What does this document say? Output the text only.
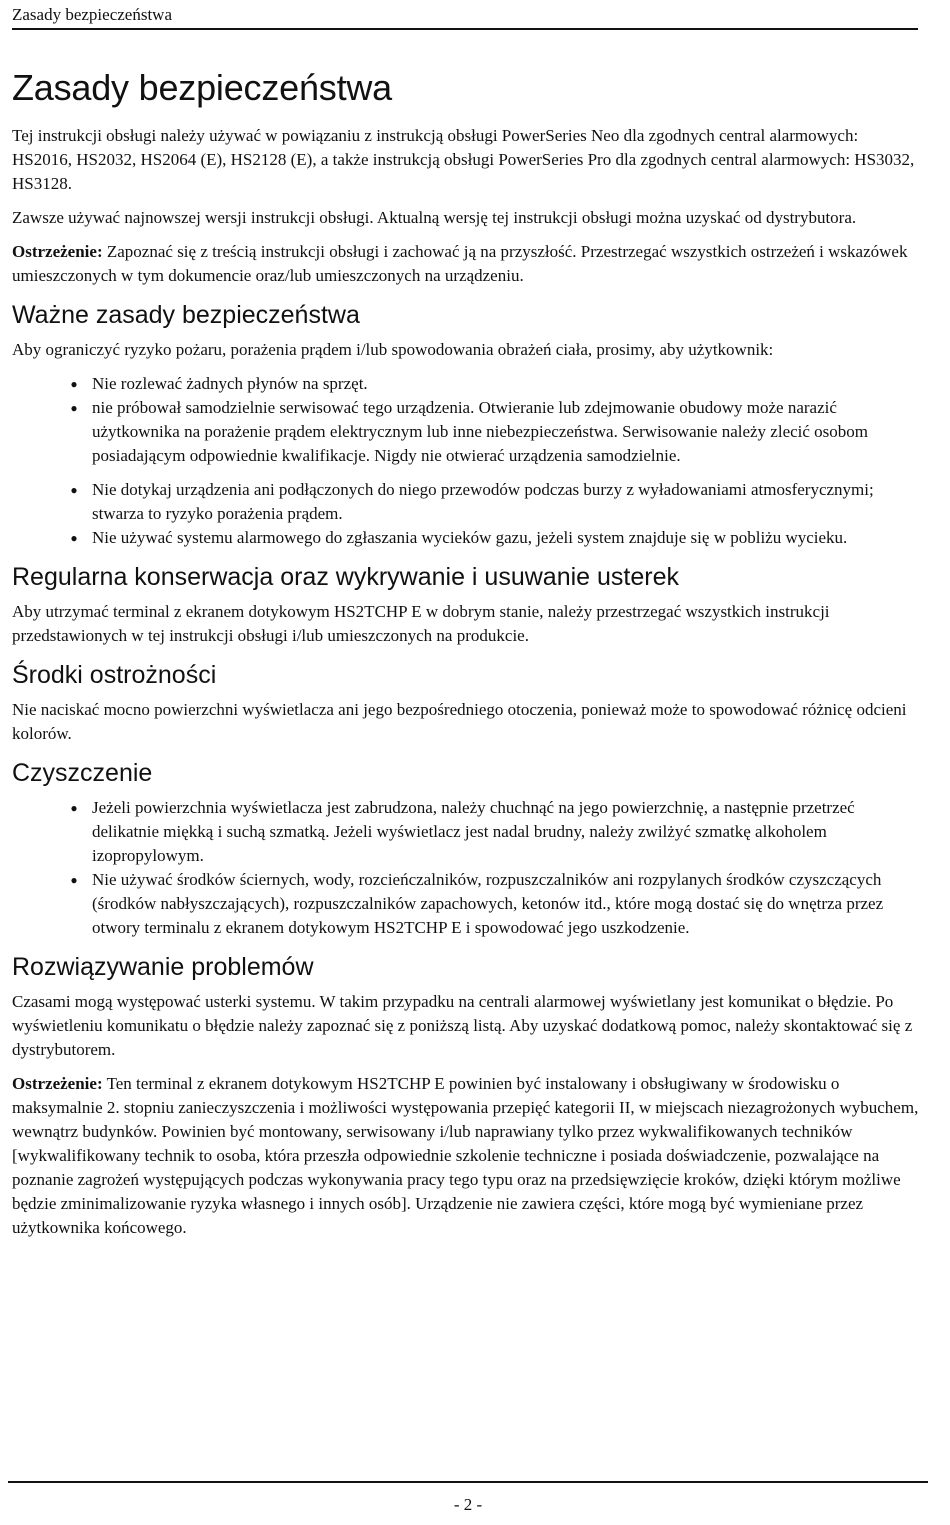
Zasady bezpieczeństwa
Zasady bezpieczeństwa

Tej instrukcji obsługi należy używać w powiązaniu z instrukcją obsługi PowerSeries Neo dla zgodnych central alarmowych: HS2016, HS2032, HS2064 (E), HS2128 (E), a także instrukcją obsługi PowerSeries Pro dla zgodnych central alarmowych: HS3032, HS3128.

Zawsze używać najnowszej wersji instrukcji obsługi. Aktualną wersję tej instrukcji obsługi można uzyskać od dystrybutora.

Ostrzeżenie: Zapoznać się z treścią instrukcji obsługi i zachować ją na przyszłość. Przestrzegać wszystkich ostrzeżeń i wskazówek umieszczonych w tym dokumencie oraz/lub umieszczonych na urządzeniu.

Ważne zasady bezpieczeństwa

Aby ograniczyć ryzyko pożaru, porażenia prądem i/lub spowodowania obrażeń ciała, prosimy, aby użytkownik:

● Nie rozlewać żadnych płynów na sprzęt.
● nie próbował samodzielnie serwisować tego urządzenia. Otwieranie lub zdejmowanie obudowy może narazić użytkownika na porażenie prądem elektrycznym lub inne niebezpieczeństwa. Serwisowanie należy zlecić osobom posiadającym odpowiednie kwalifikacje. Nigdy nie otwierać urządzenia samodzielnie.
● Nie dotykaj urządzenia ani podłączonych do niego przewodów podczas burzy z wyładowaniami atmosferycznymi; stwarza to ryzyko porażenia prądem.
● Nie używać systemu alarmowego do zgłaszania wycieków gazu, jeżeli system znajduje się w pobliżu wycieku.
Regularna konserwacja oraz wykrywanie i usuwanie usterek

Aby utrzymać terminal z ekranem dotykowym HS2TCHP E w dobrym stanie, należy przestrzegać wszystkich instrukcji przedstawionych w tej instrukcji obsługi i/lub umieszczonych na produkcie.

Środki ostrożności

Nie naciskać mocno powierzchni wyświetlacza ani jego bezpośredniego otoczenia, ponieważ może to spowodować różnicę odcieni kolorów.

Czyszczenie
● Jeżeli powierzchnia wyświetlacza jest zabrudzona, należy chuchnąć na jego powierzchnię, a następnie przetrzeć delikatnie miękką i suchą szmatką. Jeżeli wyświetlacz jest nadal brudny, należy zwilżyć szmatkę alkoholem izopropylowym.
● Nie używać środków ściernych, wody, rozcieńczalników, rozpuszczalników ani rozpylanych środków czyszczących (środków nabłyszczających), rozpuszczalników zapachowych, ketonów itd., które mogą dostać się do wnętrza przez otwory terminalu z ekranem dotykowym HS2TCHP E i spowodować jego uszkodzenie.
Rozwiązywanie problemów

Czasami mogą występować usterki systemu. W takim przypadku na centrali alarmowej wyświetlany jest komunikat o błędzie. Po wyświetleniu komunikatu o błędzie należy zapoznać się z poniższą listą. Aby uzyskać dodatkową pomoc, należy skontaktować się z dystrybutorem.

Ostrzeżenie: Ten terminal z ekranem dotykowym HS2TCHP E powinien być instalowany i obsługiwany w środowisku o maksymalnie 2. stopniu zanieczyszczenia i możliwości występowania przepięć kategorii II, w miejscach niezagrożonych wybuchem, wewnątrz budynków. Powinien być montowany, serwisowany i/lub naprawiany tylko przez wykwalifikowanych techników [wykwalifikowany technik to osoba, która przeszła odpowiednie szkolenie techniczne i posiada doświadczenie, pozwalające na poznanie zagrożeń występujących podczas wykonywania pracy tego typu oraz na przedsięwzięcie kroków, dzięki którym możliwe będzie zminimalizowanie ryzyka własnego i innych osób]. Urządzenie nie zawiera części, które mogą być wymieniane przez użytkownika końcowego.

- 2 -
